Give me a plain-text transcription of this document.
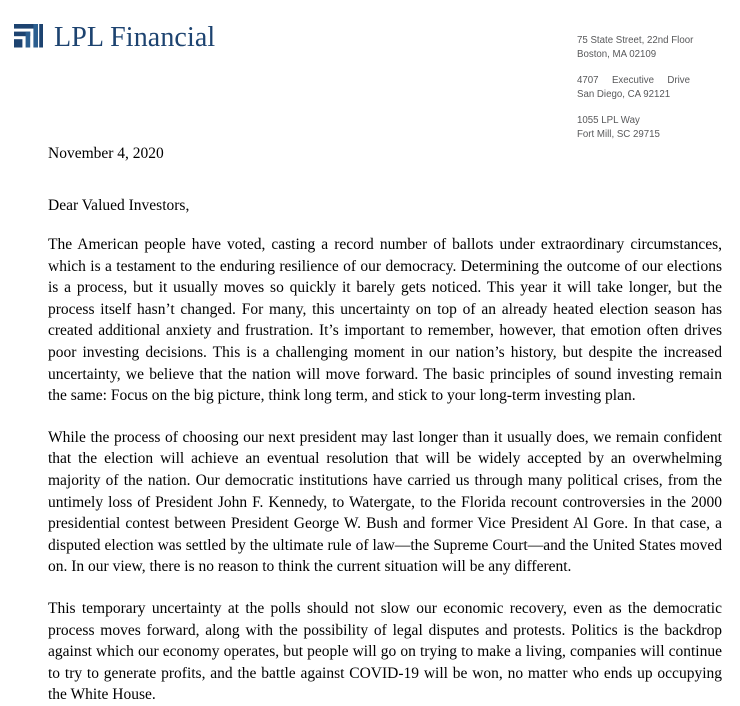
LPL Financial	75 State Street, 22nd Floor
Boston, MA 02109
4707 Executive Drive
San Diego, CA 92121
1055 LPL Way
Fort Mill, SC 29715
November 4, 2020
Dear Valued Investors,

The American people have voted, casting a record number of ballots under extraordinary circumstances, which is a testament to the enduring resilience of our democracy. Determining the outcome of our elections is a process, but it usually moves so quickly it barely gets noticed. This year it will take longer, but the process itself hasn’t changed. For many, this uncertainty on top of an already heated election season has created additional anxiety and frustration. It’s important to remember, however, that emotion often drives poor investing decisions. This is a challenging moment in our nation’s history, but despite the increased uncertainty, we believe that the nation will move forward. The basic principles of sound investing remain the same: Focus on the big picture, think long term, and stick to your long-term investing plan.

While the process of choosing our next president may last longer than it usually does, we remain confident that the election will achieve an eventual resolution that will be widely accepted by an overwhelming majority of the nation. Our democratic institutions have carried us through many political crises, from the untimely loss of President John F. Kennedy, to Watergate, to the Florida recount controversies in the 2000 presidential contest between President George W. Bush and former Vice President Al Gore. In that case, a disputed election was settled by the ultimate rule of law—the Supreme Court—and the United States moved on. In our view, there is no reason to think the current situation will be any different.

This temporary uncertainty at the polls should not slow our economic recovery, even as the democratic process moves forward, along with the possibility of legal disputes and protests. Politics is the backdrop against which our economy operates, but people will go on trying to make a living, companies will continue to try to generate profits, and the battle against COVID-19 will be won, no matter who ends up occupying the White House.
